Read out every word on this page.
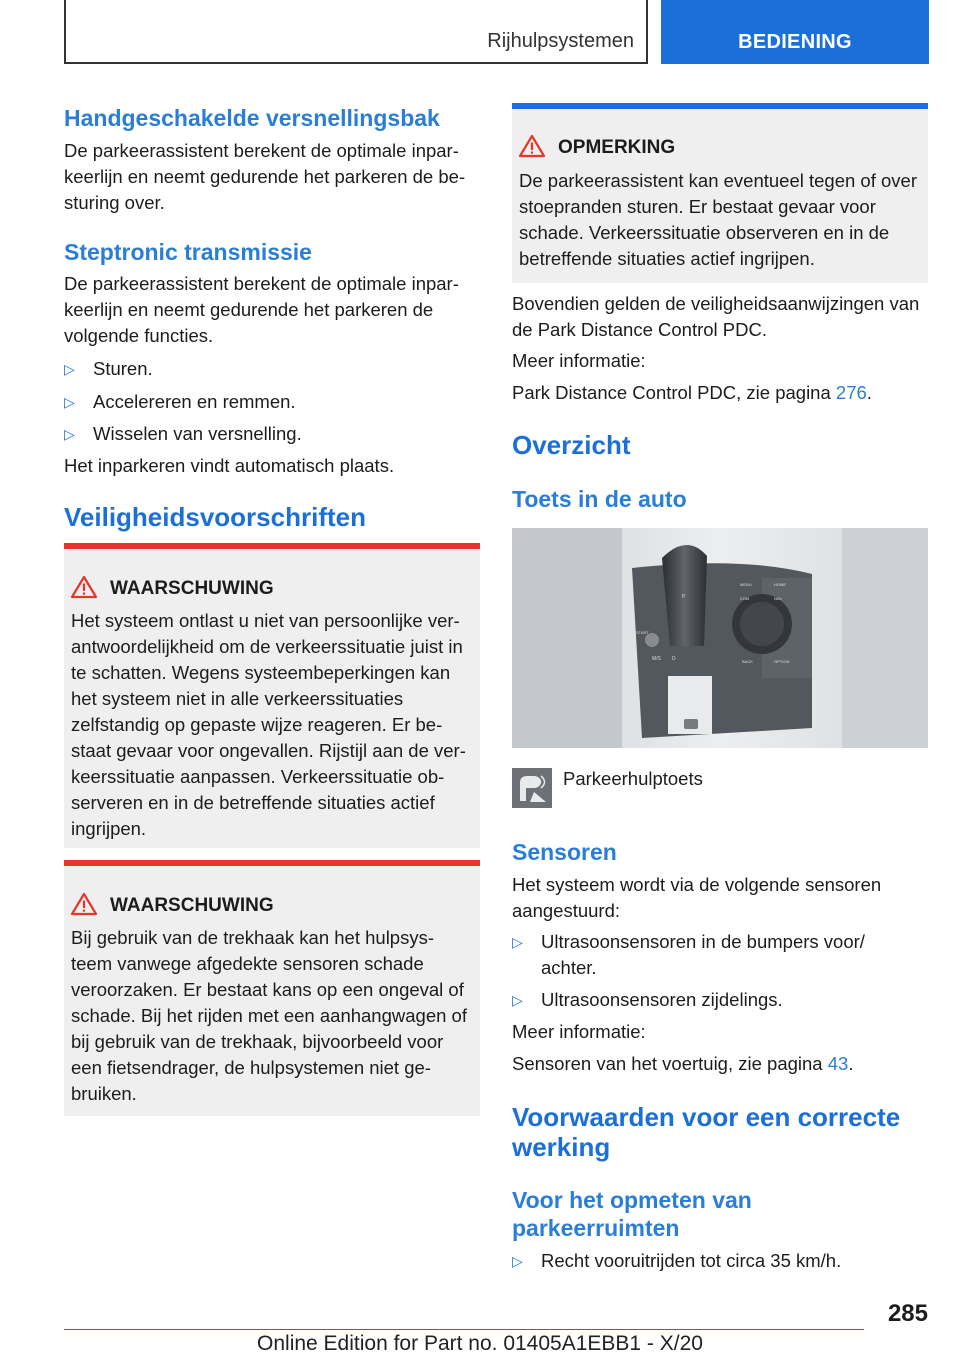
Rijhulpsystemen	BEDIENING
Handgeschakelde versnellingsbak

De parkeerassistent berekent de optimale inpar-keerlijn en neemt gedurende het parkeren de be-sturing over.

Steptronic transmissie

De parkeerassistent berekent de optimale inpar-keerlijn en neemt gedurende het parkeren de volgende functies.

▷ Sturen.
▷ Accelereren en remmen.
▷ Wisselen van versnelling.

Het inparkeren vindt automatisch plaats.

Veiligheidsvoorschriften
WAARSCHUWING
Het systeem ontlast u niet van persoonlijke ver-antwoordelijkheid om de verkeerssituatie juist in te schatten. Wegens systeembeperkingen kan het systeem niet in alle verkeerssituaties zelfstandig op gepaste wijze reageren. Er be-staat gevaar voor ongevallen. Rijstijl aan de ver-keerssituatie aanpassen. Verkeerssituatie ob-serveren en in de betreffende situaties actief ingrijpen.
WAARSCHUWING
Bij gebruik van de trekhaak kan het hulpsys-teem vanwege afgedekte sensoren schade veroorzaken. Er bestaat kans op een ongeval of schade. Bij het rijden met een aanhangwagen of bij gebruik van de trekhaak, bijvoorbeeld voor een fietsendrager, de hulpsystemen niet ge-bruiken.
OPMERKING
De parkeerassistent kan eventueel tegen of over stoepranden sturen. Er bestaat gevaar voor schade. Verkeerssituatie observeren en in de betreffende situaties actief ingrijpen.

Bovendien gelden de veiligheidsaanwijzingen van de Park Distance Control PDC.

Meer informatie:

Park Distance Control PDC, zie pagina 276.

Overzicht
Toets in de auto
START
M/S D
P
MENU	HOME
COM	NAV
BACK	OPTION
Parkeerhulptoets
Sensoren

Het systeem wordt via de volgende sensoren aangestuurd:

▷ Ultrasoonsensoren in de bumpers voor/ achter.
▷ Ultrasoonsensoren zijdelings.

Meer informatie:

Sensoren van het voertuig, zie pagina 43.

Voorwaarden voor een correcte werking
Voor het opmeten van parkeerruimten
▷ Recht vooruitrijden tot circa 35 km/h.
285
Online Edition for Part no. 01405A1EBB1 - X/20
